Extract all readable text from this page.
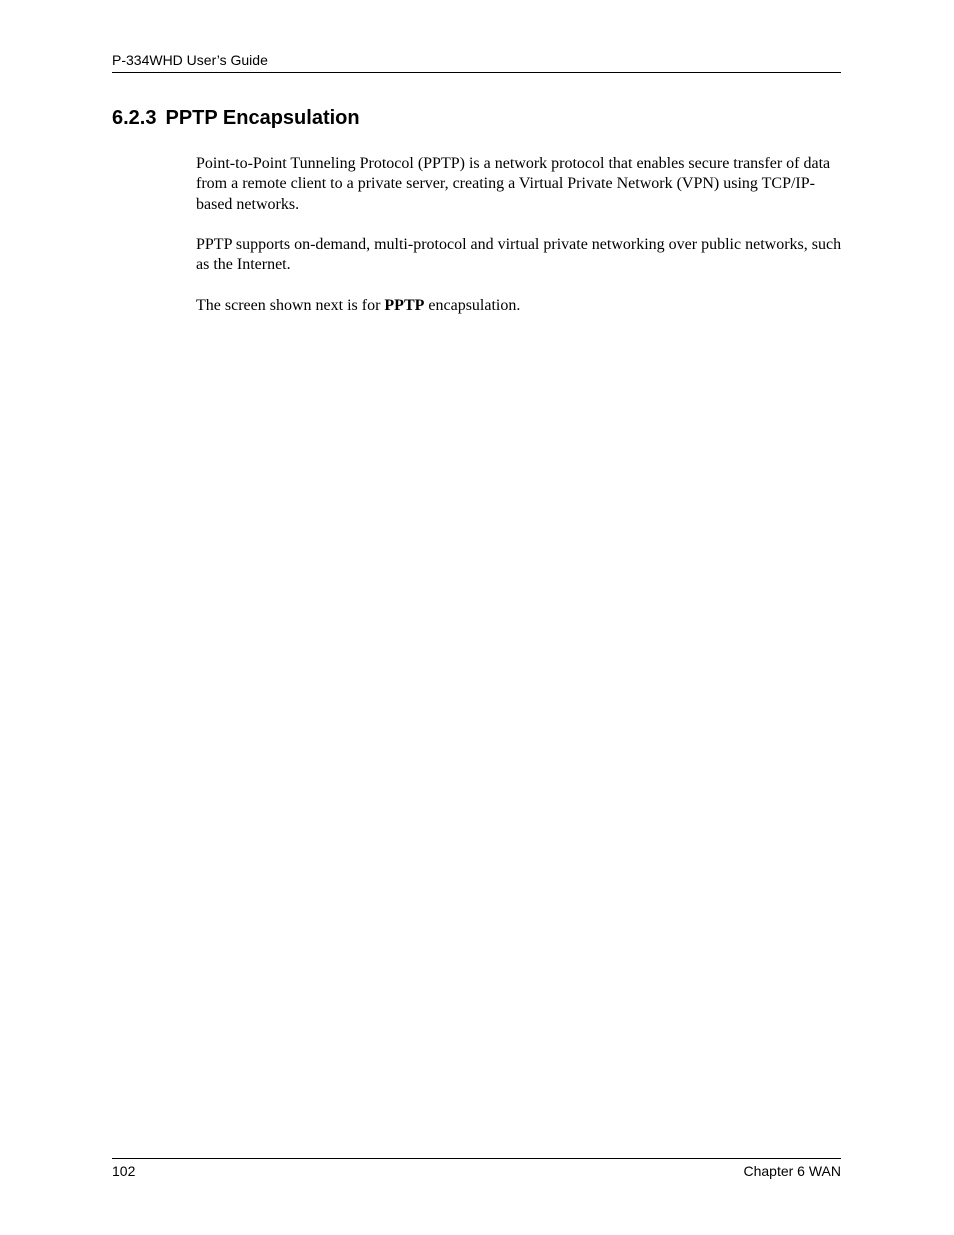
P-334WHD User’s Guide
6.2.3 PPTP Encapsulation

Point-to-Point Tunneling Protocol (PPTP) is a network protocol that enables secure transfer of data from a remote client to a private server, creating a Virtual Private Network (VPN) using TCP/IP-based networks.

PPTP supports on-demand, multi-protocol and virtual private networking over public networks, such as the Internet.

The screen shown next is for PPTP encapsulation.

102	Chapter 6 WAN
